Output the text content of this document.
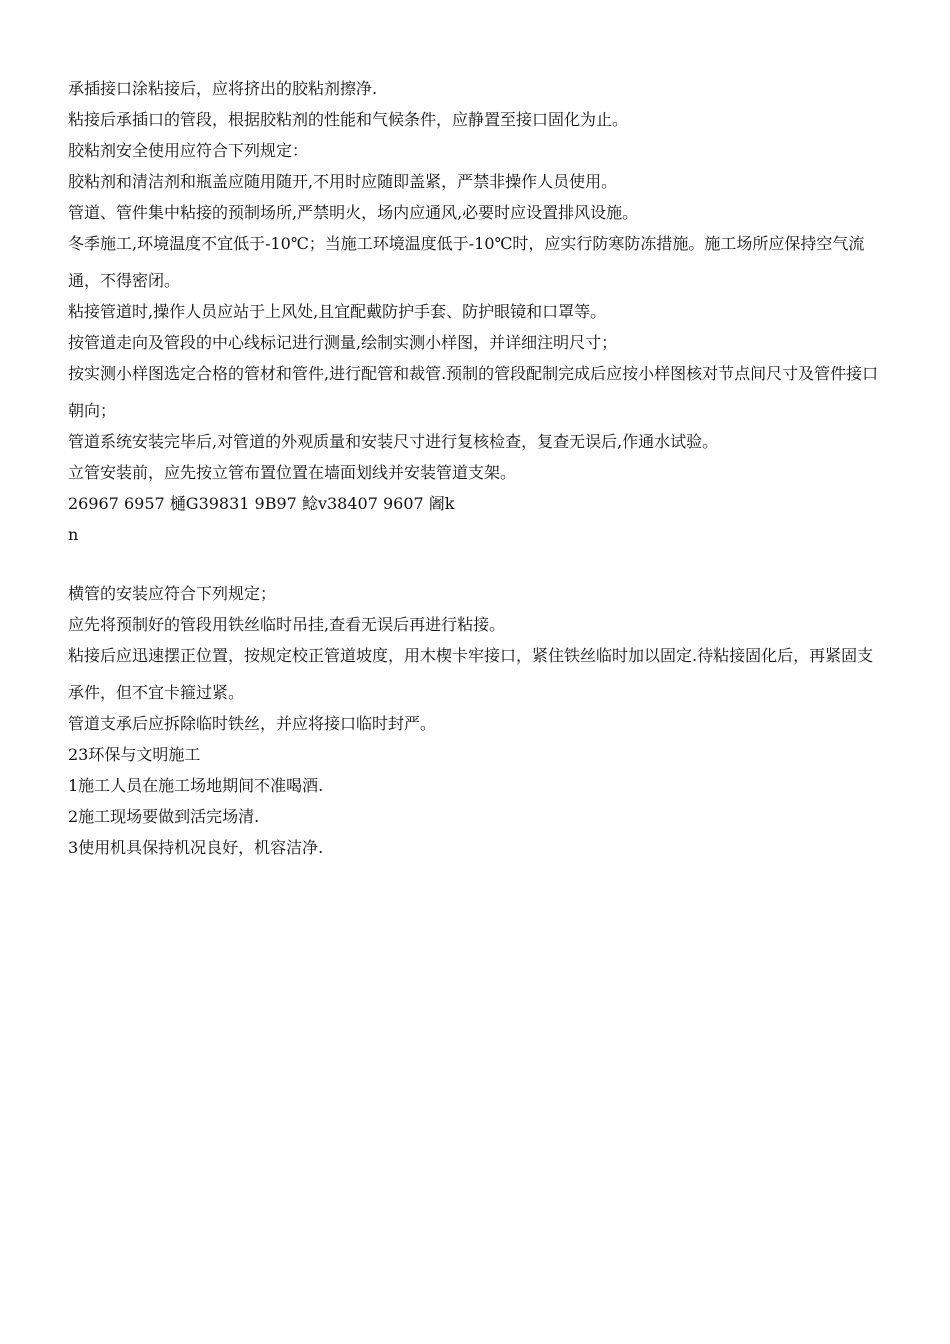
承插接口涂粘接后，应将挤出的胶粘剂擦净.

粘接后承插口的管段，根据胶粘剂的性能和气候条件，应静置至接口固化为止。

胶粘剂安全使用应符合下列规定：

胶粘剂和清洁剂和瓶盖应随用随开,不用时应随即盖紧，严禁非操作人员使用。

管道、管件集中粘接的预制场所,严禁明火，场内应通风,必要时应设置排风设施。

冬季施工,环境温度不宜低于-10℃；当施工环境温度低于-10℃时，应实行防寒防冻措施。施工场所应保持空气流通，不得密闭。

粘接管道时,操作人员应站于上风处,且宜配戴防护手套、防护眼镜和口罩等。

按管道走向及管段的中心线标记进行测量,绘制实测小样图，并详细注明尺寸；

按实测小样图选定合格的管材和管件,进行配管和裁管.预制的管段配制完成后应按小样图核对节点间尺寸及管件接口朝向；

管道系统安装完毕后,对管道的外观质量和安装尺寸进行复核检查，复查无误后,作通水试验。

立管安装前，应先按立管布置位置在墙面划线并安装管道支架。

26967 6957 樋G39831 9B97 鲶v38407 9607 阇k

n

横管的安装应符合下列规定；

应先将预制好的管段用铁丝临时吊挂,查看无误后再进行粘接。

粘接后应迅速摆正位置，按规定校正管道坡度，用木楔卡牢接口，紧住铁丝临时加以固定.待粘接固化后，再紧固支承件，但不宜卡箍过紧。

管道支承后应拆除临时铁丝，并应将接口临时封严。

23环保与文明施工

1施工人员在施工场地期间不准喝酒.

2施工现场要做到活完场清.

3使用机具保持机况良好，机容洁净.
